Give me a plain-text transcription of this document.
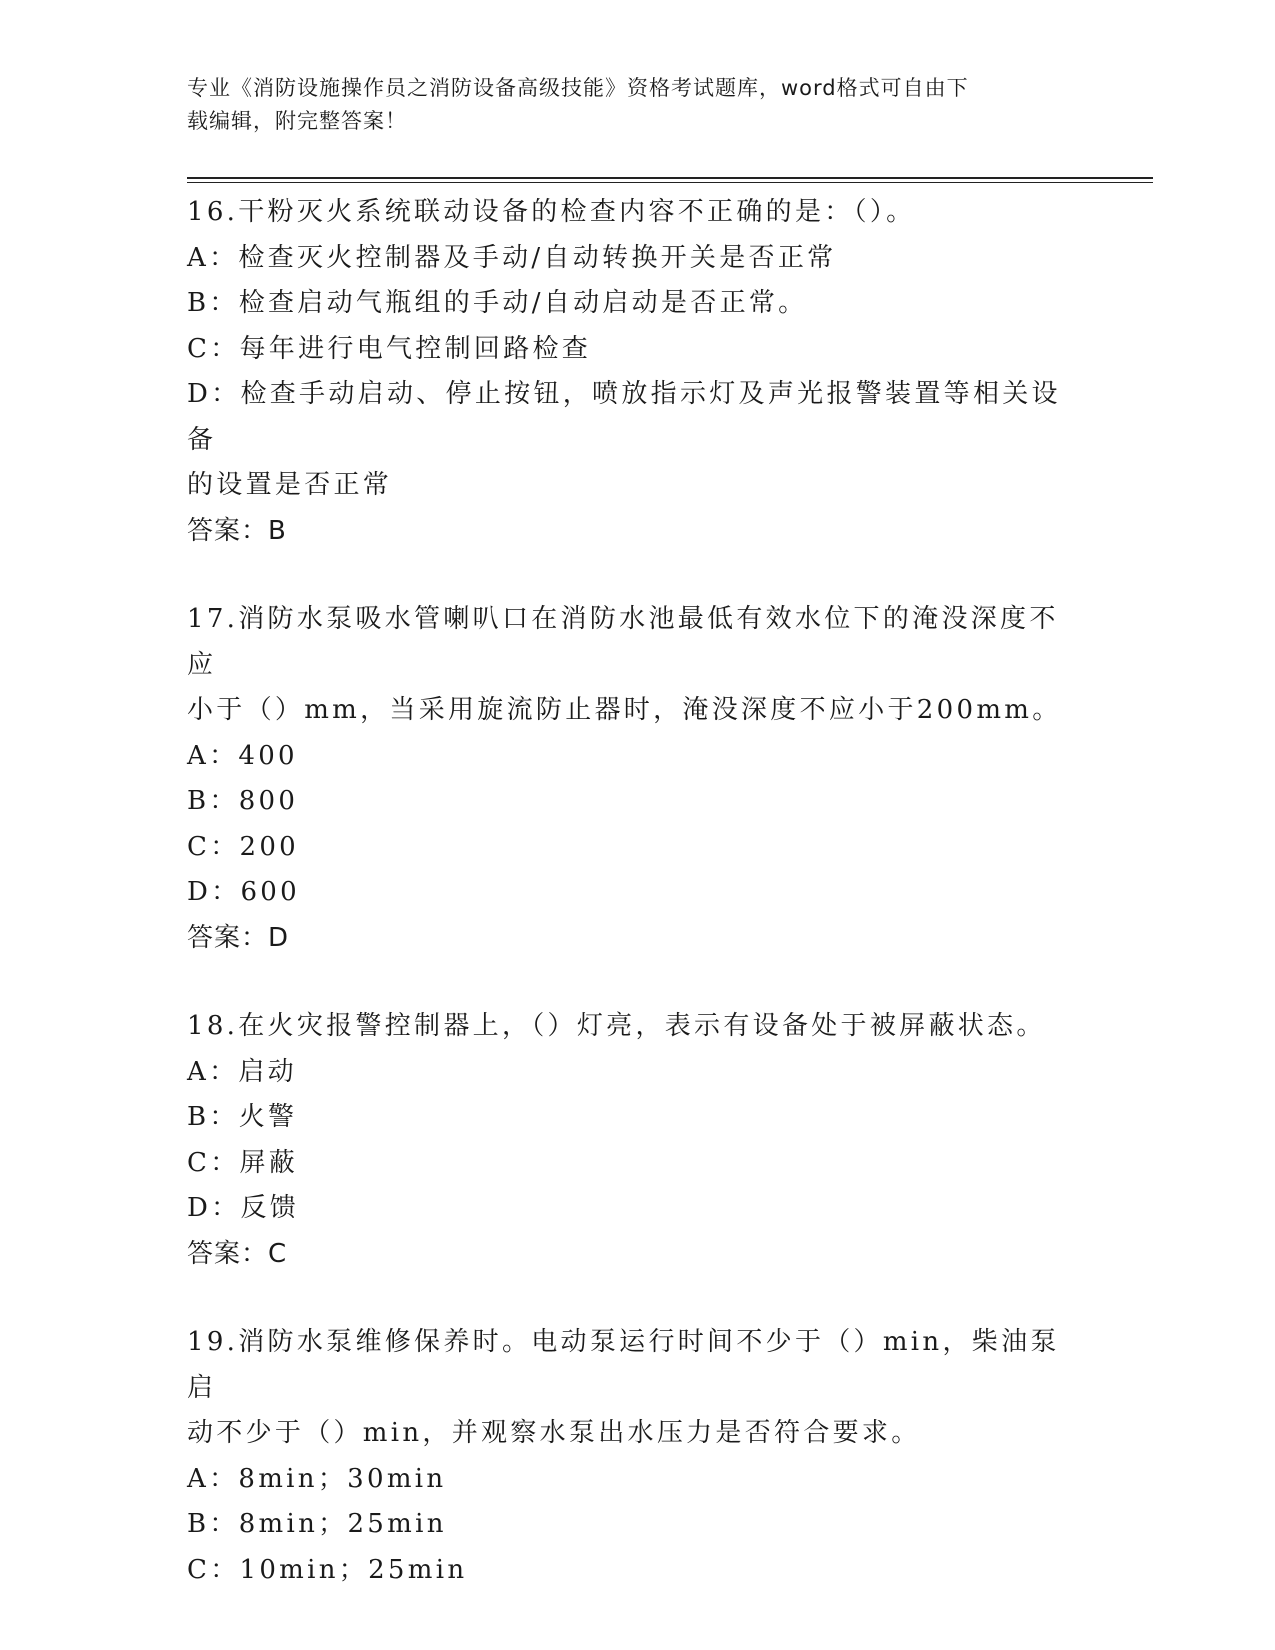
专业《消防设施操作员之消防设备高级技能》资格考试题库，word格式可自由下
载编辑，附完整答案！
16.干粉灭火系统联动设备的检查内容不正确的是：（）。
A：检查灭火控制器及手动/自动转换开关是否正常
B：检查启动气瓶组的手动/自动启动是否正常。
C：每年进行电气控制回路检查
D：检查手动启动、停止按钮，喷放指示灯及声光报警装置等相关设备
的设置是否正常
答案：B
17.消防水泵吸水管喇叭口在消防水池最低有效水位下的淹没深度不应
小于（）mm，当采用旋流防止器时，淹没深度不应小于200mm。
A：400
B：800
C：200
D：600
答案：D
18.在火灾报警控制器上，（）灯亮，表示有设备处于被屏蔽状态。
A：启动
B：火警
C：屏蔽
D：反馈
答案：C
19.消防水泵维修保养时。电动泵运行时间不少于（）min，柴油泵启
动不少于（）min，并观察水泵出水压力是否符合要求。
A：8min；30min
B：8min；25min
C：10min；25min
